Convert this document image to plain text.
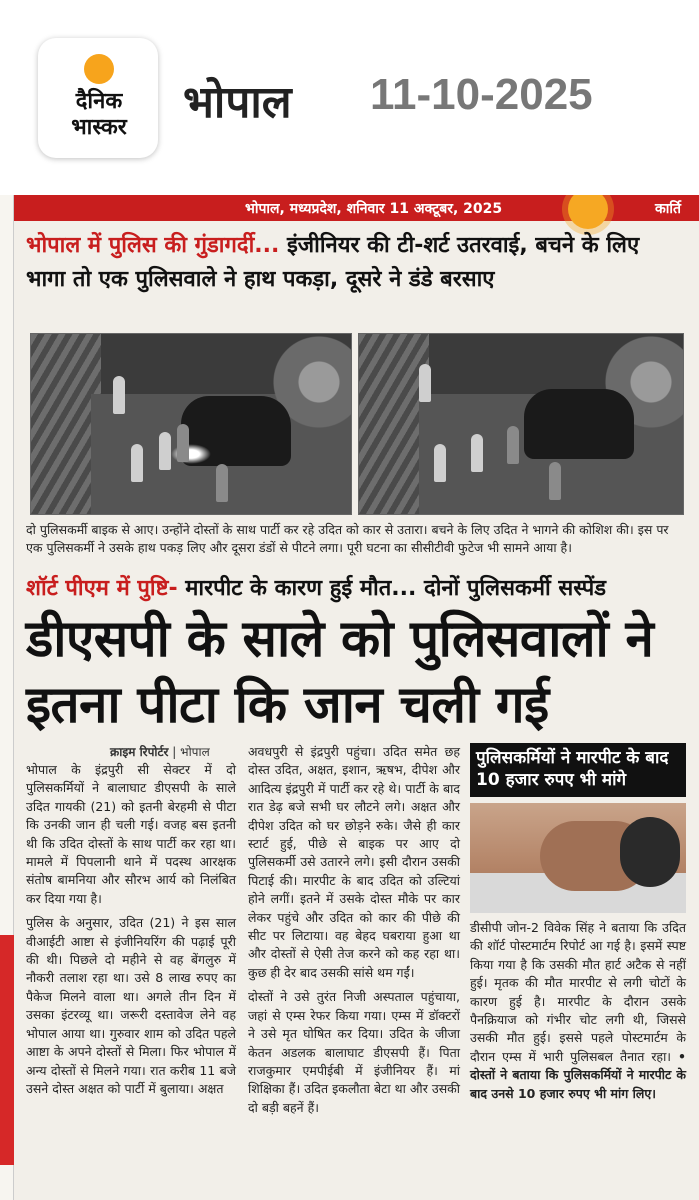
दैनिक
भास्कर	भोपाल 11-10-2025
भोपाल, मध्यप्रदेश, शनिवार 11 अक्टूबर, 2025	कार्ति
भोपाल में पुलिस की गुंडागर्दी... इंजीनियर की टी-शर्ट उतरवाई, बचने के लिए भागा तो एक पुलिसवाले ने हाथ पकड़ा, दूसरे ने डंडे बरसाए
दो पुलिसकर्मी बाइक से आए। उन्होंने दोस्तों के साथ पार्टी कर रहे उदित को कार से उतारा। बचने के लिए उदित ने भागने की कोशिश की। इस पर एक पुलिसकर्मी ने उसके हाथ पकड़ लिए और दूसरा डंडों से पीटने लगा। पूरी घटना का सीसीटीवी फुटेज भी सामने आया है।
शॉर्ट पीएम में पुष्टि- मारपीट के कारण हुई मौत... दोनों पुलिसकर्मी सस्पेंड
डीएसपी के साले को पुलिसवालों ने इतना पीटा कि जान चली गई
क्राइम रिपोर्टर | भोपाल

भोपाल के इंद्रपुरी सी सेक्टर में दो पुलिसकर्मियों ने बालाघाट डीएसपी के साले उदित गायकी (21) को इतनी बेरहमी से पीटा कि उनकी जान ही चली गई। वजह बस इतनी थी कि उदित दोस्तों के साथ पार्टी कर रहा था। मामले में पिपलानी थाने में पदस्थ आरक्षक संतोष बामनिया और सौरभ आर्य को निलंबित कर दिया गया है।

पुलिस के अनुसार, उदित (21) ने इस साल वीआईटी आष्टा से इंजीनियरिंग की पढ़ाई पूरी की थी। पिछले दो महीने से वह बेंगलुरु में नौकरी तलाश रहा था। उसे 8 लाख रुपए का पैकेज मिलने वाला था। अगले तीन दिन में उसका इंटरव्यू था। जरूरी दस्तावेज लेने वह भोपाल आया था। गुरुवार शाम को उदित पहले आष्टा के अपने दोस्तों से मिला। फिर भोपाल में अन्य दोस्तों से मिलने गया। रात करीब 11 बजे उसने दोस्त अक्षत को पार्टी में बुलाया। अक्षत

अवधपुरी से इंद्रपुरी पहुंचा। उदित समेत छह दोस्त उदित, अक्षत, इशान, ऋषभ, दीपेश और आदित्य इंद्रपुरी में पार्टी कर रहे थे। पार्टी के बाद रात डेढ़ बजे सभी घर लौटने लगे। अक्षत और दीपेश उदित को घर छोड़ने रुके। जैसे ही कार स्टार्ट हुई, पीछे से बाइक पर आए दो पुलिसकर्मी उसे उतारने लगे। इसी दौरान उसकी पिटाई की। मारपीट के बाद उदित को उल्टियां होने लगीं। इतने में उसके दोस्त मौके पर कार लेकर पहुंचे और उदित को कार की पीछे की सीट पर लिटाया। वह बेहद घबराया हुआ था और दोस्तों से ऐसी तेज करने को कह रहा था। कुछ ही देर बाद उसकी सांसे थम गईं।

दोस्तों ने उसे तुरंत निजी अस्पताल पहुंचाया, जहां से एम्स रेफर किया गया। एम्स में डॉक्टरों ने उसे मृत घोषित कर दिया। उदित के जीजा केतन अडलक बालाघाट डीएसपी हैं। पिता राजकुमार एमपीईबी में इंजीनियर हैं। मां शिक्षिका हैं। उदित इकलौता बेटा था और उसकी दो बड़ी बहनें हैं।

पुलिसकर्मियों ने मारपीट के बाद 10 हजार रुपए भी मांगे
डीसीपी जोन-2 विवेक सिंह ने बताया कि उदित की शॉर्ट पोस्टमार्टम रिपोर्ट आ गई है। इसमें स्पष्ट किया गया है कि उसकी मौत हार्ट अटैक से नहीं हुई। मृतक की मौत मारपीट से लगी चोटों के कारण हुई है। मारपीट के दौरान उसके पैनक्रियाज को गंभीर चोट लगी थी, जिससे उसकी मौत हुई। इससे पहले पोस्टमार्टम के दौरान एम्स में भारी पुलिसबल तैनात रहा। • दोस्तों ने बताया कि पुलिसकर्मियों ने मारपीट के बाद उनसे 10 हजार रुपए भी मांग लिए।
